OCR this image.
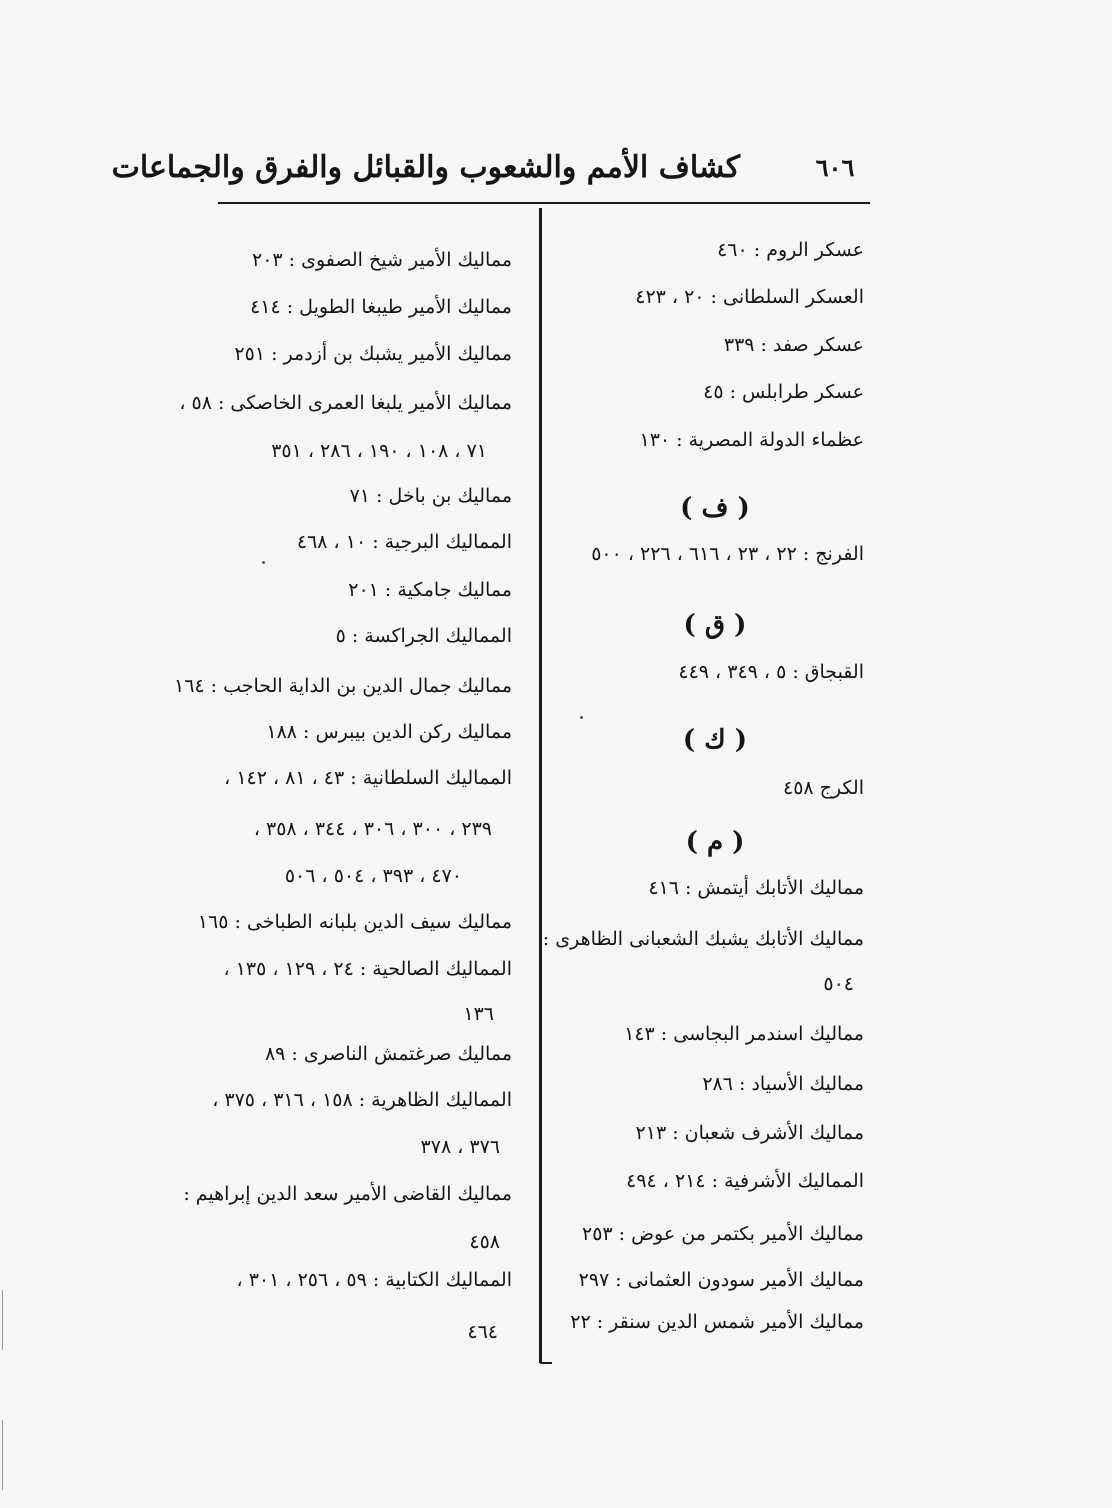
كشاف الأمم والشعوب والقبائل والفرق والجماعات	٦٠٦
عسكر الروم : ٤٦٠
العسكر السلطانى : ٢٠ ، ٤٢٣
عسكر صفد : ٣٣٩
عسكر طرابلس : ٤٥
عظماء الدولة المصرية : ١٣٠
( ف )
الفرنج : ٢٢ ، ٢٣ ، ٦١٦ ، ٢٢٦ ، ٥٠٠
( ق )
القبجاق : ٥ ، ٣٤٩ ، ٤٤٩
( ك )
الكرج ٤٥٨
( م )
مماليك الأتابك أيتمش : ٤١٦
مماليك الأتابك يشبك الشعبانى الظاهرى :
٥٠٤
مماليك اسندمر البجاسى : ١٤٣
مماليك الأسياد : ٢٨٦
مماليك الأشرف شعبان : ٢١٣
المماليك الأشرفية : ٢١٤ ، ٤٩٤
مماليك الأمير بكتمر من عوض : ٢٥٣
مماليك الأمير سودون العثمانى : ٢٩٧
مماليك الأمير شمس الدين سنقر : ٢٢
مماليك الأمير شيخ الصفوى : ٢٠٣
مماليك الأمير طيبغا الطويل : ٤١٤
مماليك الأمير يشبك بن أزدمر : ٢٥١
مماليك الأمير يلبغا العمرى الخاصكى : ٥٨ ،
٧١ ، ١٠٨ ، ١٩٠ ، ٢٨٦ ، ٣٥١
مماليك بن باخل : ٧١
المماليك البرجية : ١٠ ، ٤٦٨
مماليك جامكية : ٢٠١
المماليك الجراكسة : ٥
مماليك جمال الدين بن الداية الحاجب : ١٦٤
مماليك ركن الدين بيبرس : ١٨٨
المماليك السلطانية : ٤٣ ، ٨١ ، ١٤٢ ،
٢٣٩ ، ٣٠٠ ، ٣٠٦ ، ٣٤٤ ، ٣٥٨ ،
٤٧٠ ، ٣٩٣ ، ٥٠٤ ، ٥٠٦
مماليك سيف الدين بلبانه الطباخى : ١٦٥
المماليك الصالحية : ٢٤ ، ١٢٩ ، ١٣٥ ،
١٣٦
مماليك صرغتمش الناصرى : ٨٩
المماليك الظاهرية : ١٥٨ ، ٣١٦ ، ٣٧٥ ،
٣٧٦ ، ٣٧٨
مماليك القاضى الأمير سعد الدين إبراهيم :
٤٥٨
المماليك الكتابية : ٥٩ ، ٢٥٦ ، ٣٠١ ،
٤٦٤
